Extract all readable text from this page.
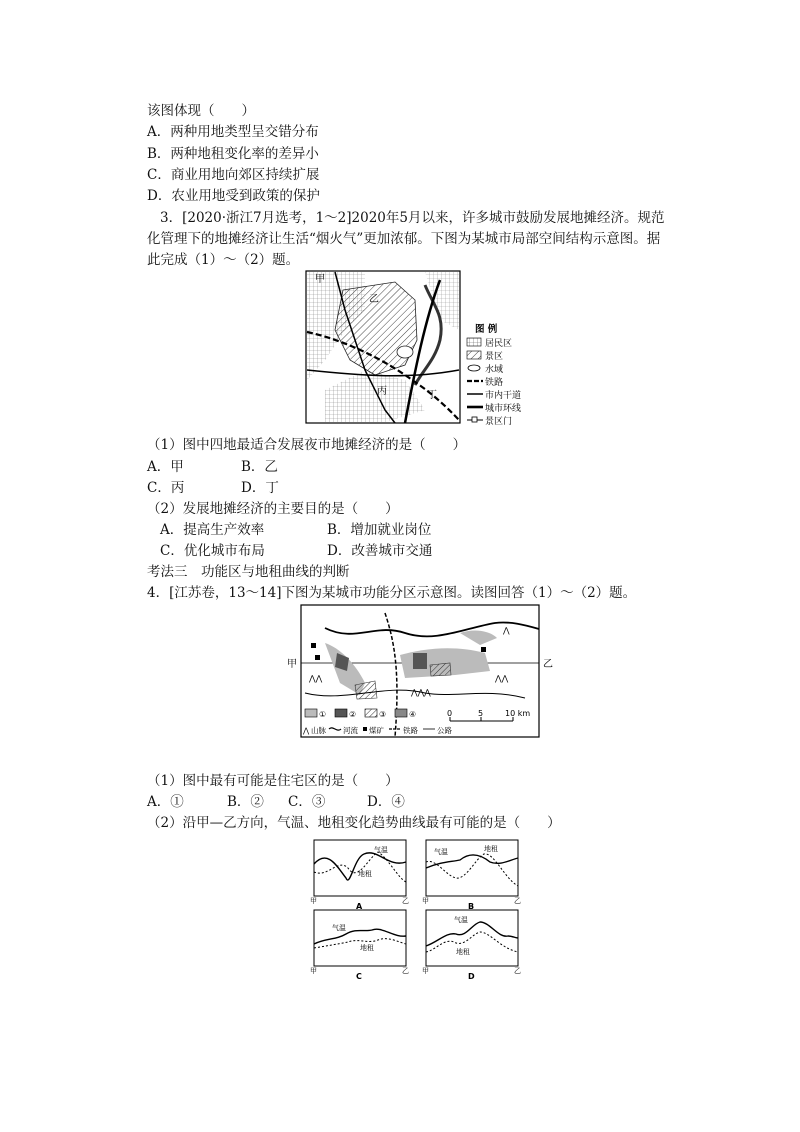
该图体现（　　）
A．两种用地类型呈交错分布
B．两种地租变化率的差异小
C．商业用地向郊区持续扩展
D．农业用地受到政策的保护
3．[2020·浙江7月选考，1～2]2020年5月以来，许多城市鼓励发展地摊经济。规范
化管理下的地摊经济让生活“烟火气”更加浓郁。下图为某城市局部空间结构示意图。据
此完成（1）～（2）题。
甲
乙
丙	丁
图 例
居民区
景区
水域
铁路
市内干道
城市环线
景区门
（1）图中四地最适合发展夜市地摊经济的是（　　）
A．甲	B．乙
C．丙	D．丁
（2）发展地摊经济的主要目的是（　　）
A．提高生产效率	B．增加就业岗位
C．优化城市布局	D．改善城市交通
考法三　功能区与地租曲线的判断
4．[江苏卷，13～14]下图为某城市功能分区示意图。读图回答（1）～（2）题。
甲	乙
⋀⋀
⋀⋀⋀
⋀⋀
⋀
0	5	10 km
①	②	③	④
⋀ 山脉 河流 煤矿	铁路	公路
（1）图中最有可能是住宅区的是（　　）
A．①	B．② C．③	D．④
（2）沿甲—乙方向，气温、地租变化趋势曲线最有可能的是（　　）
气温
地租
甲	乙
A
气温	地租
甲	乙
B
气温
地租
甲	乙
C
气温
地租
甲	乙
D
